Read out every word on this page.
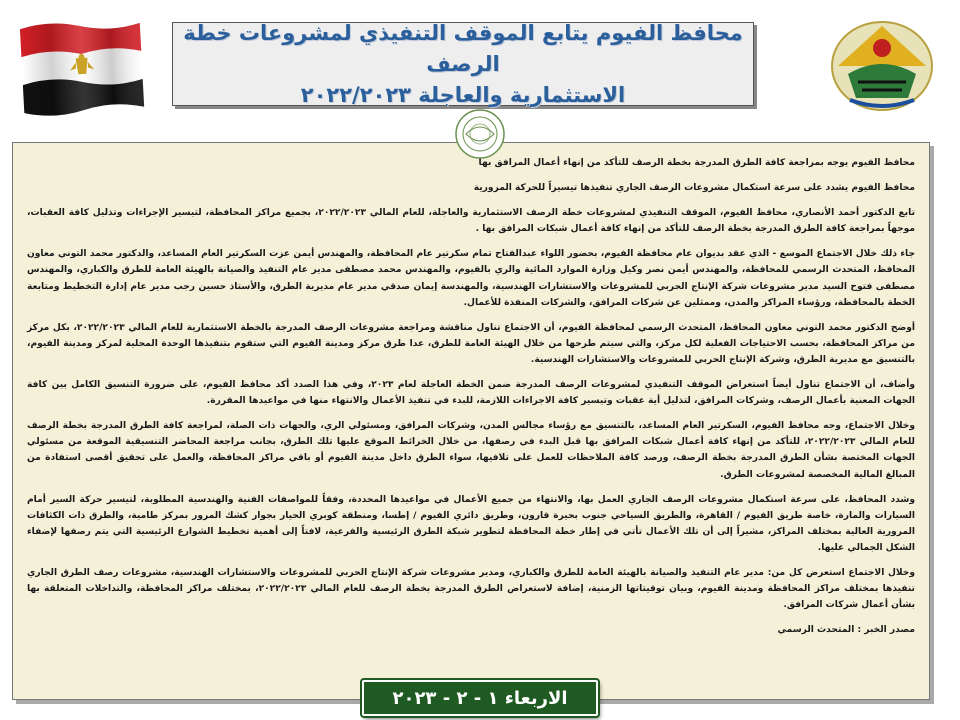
محافظ الفيوم يتابع الموقف التنفيذي لمشروعات خطة الرصف
الاستثمارية والعاجلة ٢٠٢٢/٢٠٢٣

محافظ الفيوم يوجه بمراجعة كافة الطرق المدرجة بخطة الرصف للتأكد من إنهاء أعمال المرافق بها

محافظ الفيوم يشدد على سرعة استكمال مشروعات الرصف الجاري تنفيذها تيسيراً للحركة المرورية

تابع الدكتور أحمد الأنصاري، محافظ الفيوم، الموقف التنفيذي لمشروعات خطة الرصف الاستثمارية والعاجلة، للعام المالي ٢٠٢٢/٢٠٢٣، بجميع مراكز المحافظة، لتيسير الإجراءات وتذليل كافة العقبات، موجهاً بمراجعة كافة الطرق المدرجة بخطة الرصف للتأكد من إنهاء كافة أعمال شبكات المرافق بها .

جاء ذلك خلال الاجتماع الموسع - الذي عقد بديوان عام محافظة الفيوم، بحضور اللواء عبدالفتاح تمام سكرتير عام المحافظة، والمهندس أيمن عزت السكرتير العام المساعد، والدكتور محمد التوني معاون المحافظ، المتحدث الرسمي للمحافظة، والمهندس أيمن نصر وكيل وزارة الموارد المائية والري بالفيوم، والمهندس محمد مصطفى مدير عام التنفيذ والصيانة بالهيئة العامة للطرق والكباري، والمهندس مصطفى فتوح السيد مدير مشروعات شركة الإنتاج الحربي للمشروعات والاستشارات الهندسية، والمهندسة إيمان صدقي مدير عام مديرية الطرق، والأستاذ حسين رجب مدير عام إدارة التخطيط ومتابعة الخطة بالمحافظة، ورؤساء المراكز والمدن، وممثلين عن شركات المرافق، والشركات المنفذة للأعمال.

أوضح الدكتور محمد التوني معاون المحافظ، المتحدث الرسمي لمحافظة الفيوم، أن الاجتماع تناول مناقشة ومراجعة مشروعات الرصف المدرجة بالخطة الاستثمارية للعام المالي ٢٠٢٢/٢٠٢٣، بكل مركز من مراكز المحافظة، بحسب الاحتياجات الفعلية لكل مركز، والتي سيتم طرحها من خلال الهيئة العامة للطرق، عدا طرق مركز ومدينة الفيوم التي ستقوم بتنفيذها الوحدة المحلية لمركز ومدينة الفيوم، بالتنسيق مع مديرية الطرق، وشركة الإنتاج الحربي للمشروعات والاستشارات الهندسية.

وأضاف، أن الاجتماع تناول أيضاً استعراض الموقف التنفيذي لمشروعات الرصف المدرجة ضمن الخطة العاجلة لعام ٢٠٢٣، وفي هذا الصدد أكد محافظ الفيوم، على ضرورة التنسيق الكامل بين كافة الجهات المعنية بأعمال الرصف، وشركات المرافق، لتذليل أية عقبات وتيسير كافة الاجراءات اللازمة، للبدء في تنفيذ الأعمال والانتهاء منها في مواعيدها المقررة.

وخلال الاجتماع، وجه محافظ الفيوم، السكرتير العام المساعد، بالتنسيق مع رؤساء مجالس المدن، وشركات المرافق، ومسئولي الري، والجهات ذات الصلة، لمراجعة كافة الطرق المدرجة بخطة الرصف للعام المالي ٢٠٢٢/٢٠٢٣، للتأكد من إنهاء كافة أعمال شبكات المرافق بها قبل البدء في رصفها، من خلال الخرائط الموقع عليها تلك الطرق، بجانب مراجعة المحاضر التنسيقية الموقعة من مسئولي الجهات المختصة بشأن الطرق المدرجة بخطة الرصف، ورصد كافة الملاحظات للعمل على تلافيها، سواء الطرق داخل مدينة الفيوم أو باقي مراكز المحافظة، والعمل على تحقيق أقصى استفادة من المبالغ المالية المخصصة لمشروعات الطرق.

وشدد المحافظ، على سرعة استكمال مشروعات الرصف الجاري العمل بها، والانتهاء من جميع الأعمال في مواعيدها المحددة، وفقاً للمواصفات الفنية والهندسية المطلوبة، لتيسير حركة السير أمام السيارات والمارة، خاصة طريق الفيوم / القاهرة، والطريق السياحي جنوب بحيرة قارون، وطريق دائري الفيوم / إطسا، ومنطقة كوبري الحيار بجوار كشك المرور بمركز طامية، والطرق ذات الكثافات المرورية العالية بمختلف المراكز، مشيراً إلى أن تلك الأعمال تأتي في إطار خطة المحافظة لتطوير شبكة الطرق الرئيسية والفرعية، لافتاً إلى أهمية تخطيط الشوارع الرئيسية التي يتم رصفها لإضفاء الشكل الجمالي عليها.

وخلال الاجتماع استعرض كل من: مدير عام التنفيذ والصيانة بالهيئة العامة للطرق والكباري، ومدير مشروعات شركة الإنتاج الحربي للمشروعات والاستشارات الهندسية، مشروعات رصف الطرق الجاري تنفيذها بمختلف مراكز المحافظة ومدينة الفيوم، وبيان توقيتاتها الزمنية، إضافة لاستعراض الطرق المدرجة بخطة الرصف للعام المالي ٢٠٢٢/٢٠٢٣، بمختلف مراكز المحافظة، والتداخلات المتعلقة بها بشأن أعمال شركات المرافق.

مصدر الخبر : المتحدث الرسمي

الاربعاء ١ - ٢ - ٢٠٢٣
